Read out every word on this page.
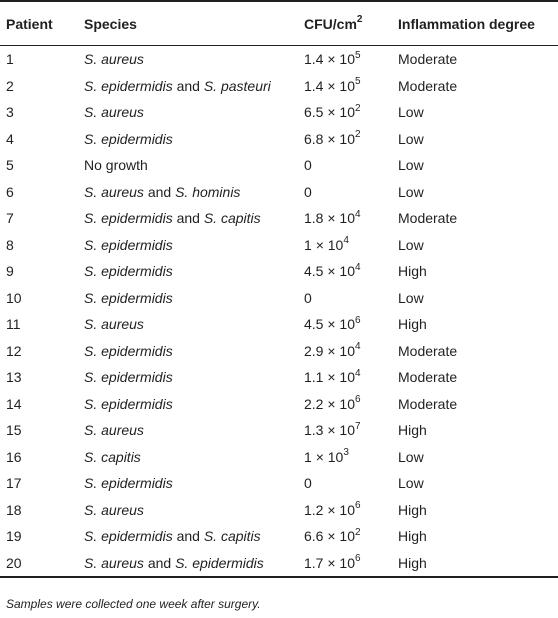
Patient	Species	CFU/$cm^2$	Inflammation degree
1	S. aureus	$1.4 \times 10^5$	Moderate
2	S. epidermidis and S. pasteuri	$1.4 \times 10^5$	Moderate
3	S. aureus	$6.5 \times 10^2$	Low
4	S. epidermidis	$6.8 \times 10^2$	Low
5	No growth	0	Low
6	S. aureus and S. hominis	0	Low
7	S. epidermidis and S. capitis	$1.8 \times 10^4$	Moderate
8	S. epidermidis	$1 \times 10^4$	Low
9	S. epidermidis	$4.5 \times 10^4$	High
10	S. epidermidis	0	Low
11	S. aureus	$4.5 \times 10^6$	High
12	S. epidermidis	$2.9 \times 10^4$	Moderate
13	S. epidermidis	$1.1 \times 10^4$	Moderate
14	S. epidermidis	$2.2 \times 10^6$	Moderate
15	S. aureus	$1.3 \times 10^7$	High
16	S. capitis	$1 \times 10^3$	Low
17	S. epidermidis	0	Low
18	S. aureus	$1.2 \times 10^6$	High
19	S. epidermidis and S. capitis	$6.6 \times 10^2$	High
20	S. aureus and S. epidermidis	$1.7 \times 10^6$	High
Samples were collected one week after surgery.
